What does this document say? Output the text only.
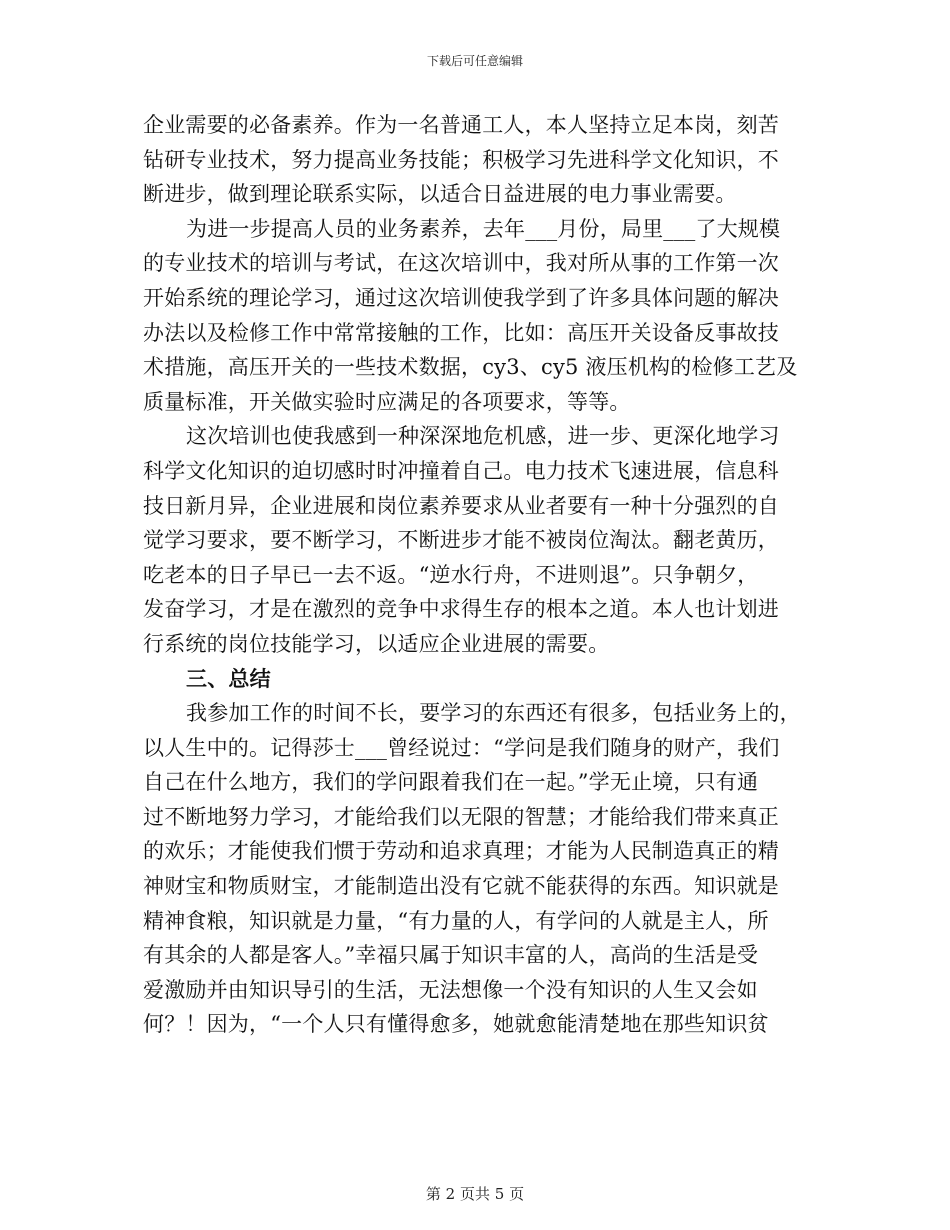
下载后可任意编辑
企业需要的必备素养。作为一名普通工人，本人坚持立足本岗，刻苦
钻研专业技术，努力提高业务技能；积极学习先进科学文化知识，不
断进步，做到理论联系实际，以适合日益进展的电力事业需要。
为进一步提高人员的业务素养，去年___月份，局里___了大规模
的专业技术的培训与考试，在这次培训中，我对所从事的工作第一次
开始系统的理论学习，通过这次培训使我学到了许多具体问题的解决
办法以及检修工作中常常接触的工作，比如：高压开关设备反事故技
术措施，高压开关的一些技术数据，cy3、cy5 液压机构的检修工艺及
质量标准，开关做实验时应满足的各项要求，等等。
这次培训也使我感到一种深深地危机感，进一步、更深化地学习
科学文化知识的迫切感时时冲撞着自己。电力技术飞速进展，信息科
技日新月异，企业进展和岗位素养要求从业者要有一种十分强烈的自
觉学习要求，要不断学习，不断进步才能不被岗位淘汰。翻老黄历，
吃老本的日子早已一去不返。“逆水行舟，不进则退”。只争朝夕，
发奋学习，才是在激烈的竞争中求得生存的根本之道。本人也计划进
行系统的岗位技能学习，以适应企业进展的需要。
三、总结
我参加工作的时间不长，要学习的东西还有很多，包括业务上的，
以人生中的。记得莎士___曾经说过：“学问是我们随身的财产，我们
自己在什么地方，我们的学问跟着我们在一起。”学无止境，只有通
过不断地努力学习，才能给我们以无限的智慧；才能给我们带来真正
的欢乐；才能使我们惯于劳动和追求真理；才能为人民制造真正的精
神财宝和物质财宝，才能制造出没有它就不能获得的东西。知识就是
精神食粮，知识就是力量，“有力量的人，有学问的人就是主人，所
有其余的人都是客人。”幸福只属于知识丰富的人，高尚的生活是受
爱激励并由知识导引的生活，无法想像一个没有知识的人生又会如
何？！因为，“一个人只有懂得愈多，她就愈能清楚地在那些知识贫
第 2 页共 5 页
